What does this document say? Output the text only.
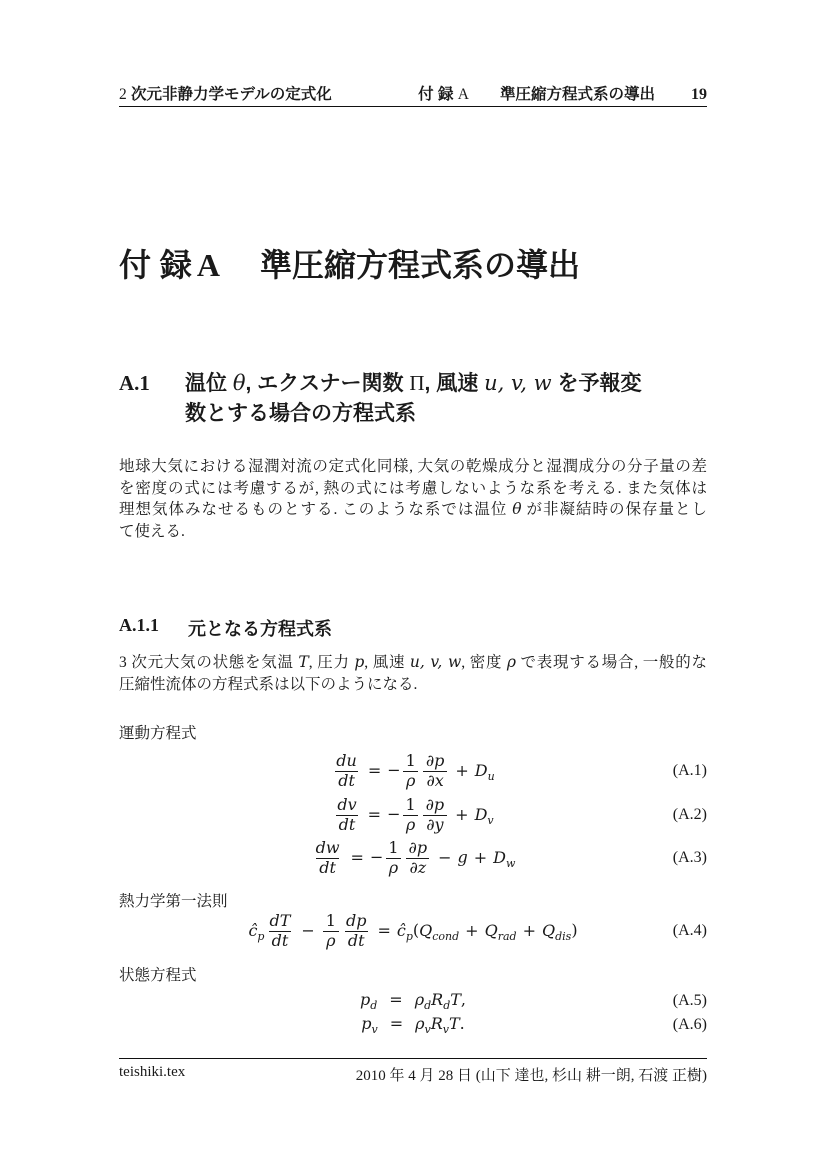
2 次元非静力学モデルの定式化	付 録 A　　準圧縮方程式系の導出 19
付 録 A 準圧縮方程式系の導出
A.1	温位 θ, エクスナー関数 Π, 風速 u, v, w を予報変
数とする場合の方程式系
地球大気における湿潤対流の定式化同様, 大気の乾燥成分と湿潤成分の分子量の差
を密度の式には考慮するが, 熱の式には考慮しないような系を考える. また気体は
理想気体みなせるものとする. このような系では温位 θ が非凝結時の保存量とし
て使える.
A.1.1 元となる方程式系
3 次元大気の状態を気温 T, 圧力 p, 風速 u, v, w, 密度 ρ で表現する場合, 一般的な
圧縮性流体の方程式系は以下のようになる.
運動方程式
熱力学第一法則
状態方程式
$\frac{du}{dt}$ = − $\frac{1}{\rho} \frac{\partial p}{\partial x} + D_u$	(A.1)
$\frac{dv}{dt}$ = − $\frac{1}{\rho} \frac{\partial p}{\partial y} + D_v$	(A.2)
$\frac{dw}{dt}$ = − $\frac{1}{\rho} \frac{\partial p}{\partial z} - g + D_w$	(A.3)
$ĉ_p \frac{dT}{dt} - \frac{1}{\rho} \frac{dp}{dt}$ = $ĉ_p(Q_{cond} + Q_{rad} + Q_{dis})$	(A.4)
$p_d = \rho_dR_dT$,	(A.5)
$p_v = \rho_vR_vT$.	(A.6)
teishiki.tex	2010 年 4 月 28 日 (山下 達也, 杉山 耕一朗, 石渡 正樹)
